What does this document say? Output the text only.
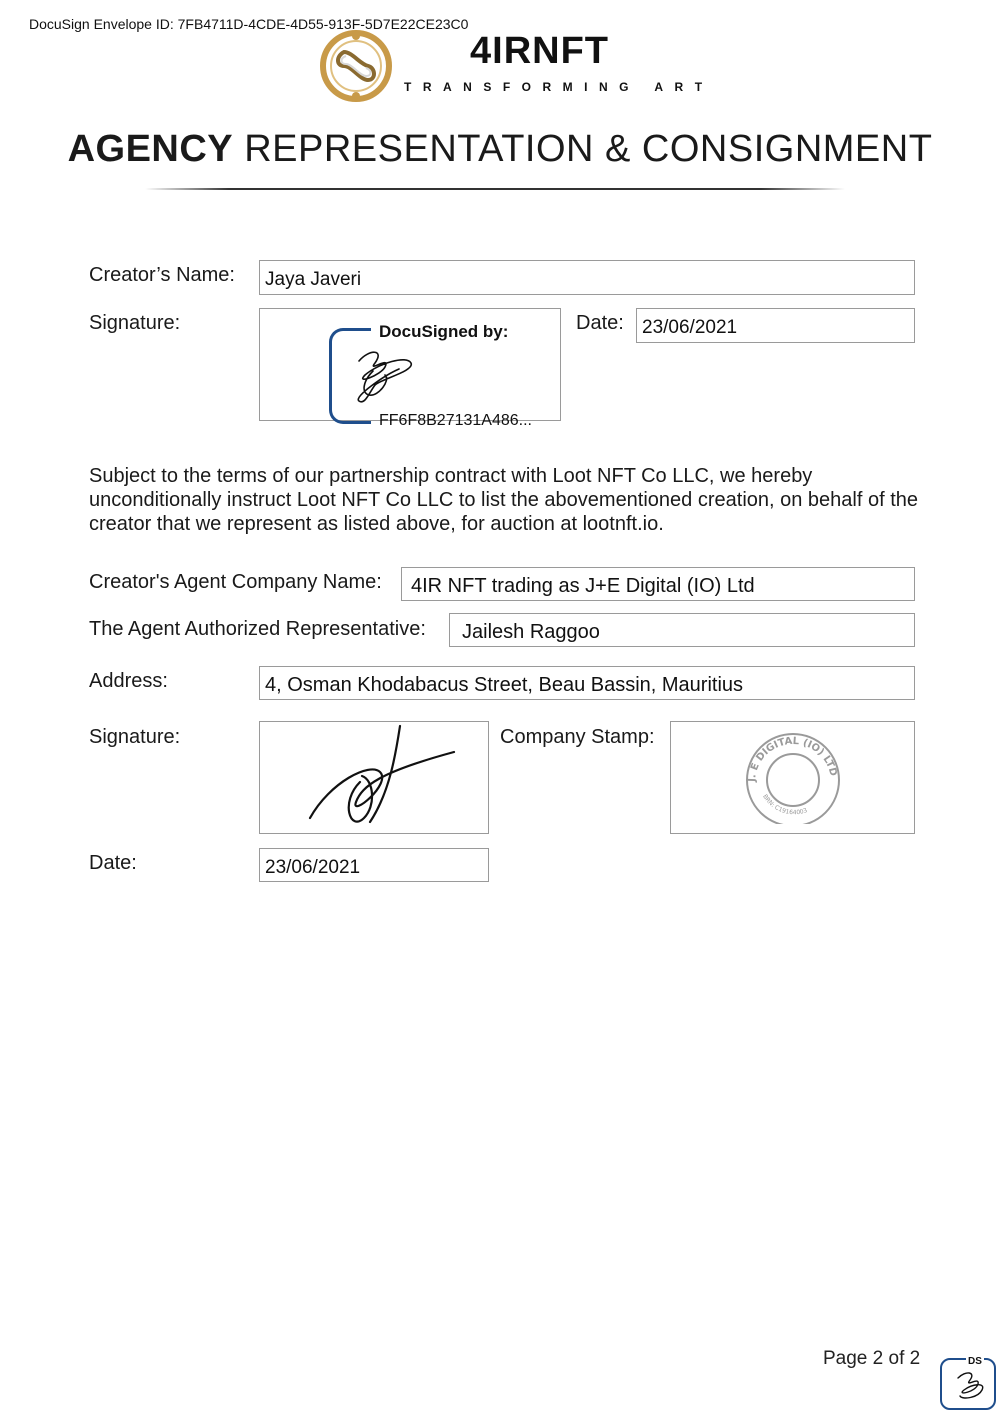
DocuSign Envelope ID: 7FB4711D-4CDE-4D55-913F-5D7E22CE23C0
4IRNFT
TRANSFORMING ART
AGENCY REPRESENTATION & CONSIGNMENT
Creator’s Name: Jaya Javeri
Signature:	DocuSigned by:
FF6F8B27131A486...
Date: 23/06/2021
Subject to the terms of our partnership contract with Loot NFT Co LLC, we hereby unconditionally instruct Loot NFT Co LLC to list the abovementioned creation, on behalf of the creator that we represent as listed above, for auction at lootnft.io.
Creator's Agent Company Name: 4IR NFT trading as J+E Digital (IO) Ltd
The Agent Authorized Representative: Jailesh Raggoo
Address:	4, Osman Khodabacus Street, Beau Bassin, Mauritius
Signature:	Company Stamp:
J. E DIGITAL (IO) LTD
BRN: C19164003
Date:	23/06/2021
Page 2 of 2	DS
